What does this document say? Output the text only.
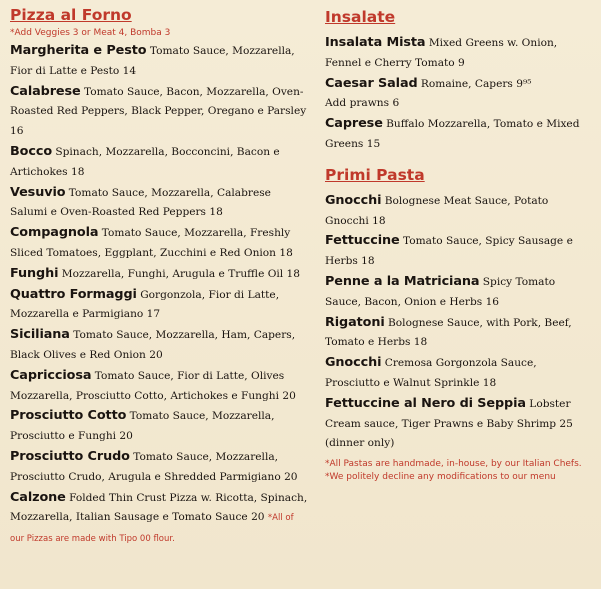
Pizza al Forno

*Add Veggies 3 or Meat 4, Bomba 3

Margherita e Pesto Tomato Sauce, Mozzarella, Fior di Latte e Pesto 14

Calabrese Tomato Sauce, Bacon, Mozzarella, Oven-Roasted Red Peppers, Black Pepper, Oregano e Parsley 16

Bocco Spinach, Mozzarella, Bocconcini, Bacon e Artichokes 18

Vesuvio Tomato Sauce, Mozzarella, Calabrese Salumi e Oven-Roasted Red Peppers 18

Compagnola Tomato Sauce, Mozzarella, Freshly Sliced Tomatoes, Eggplant, Zucchini e Red Onion 18

Funghi Mozzarella, Funghi, Arugula e Truffle Oil 18

Quattro Formaggi Gorgonzola, Fior di Latte, Mozzarella e Parmigiano 17

Siciliana Tomato Sauce, Mozzarella, Ham, Capers, Black Olives e Red Onion 20

Capricciosa Tomato Sauce, Fior di Latte, Olives Mozzarella, Prosciutto Cotto, Artichokes e Funghi 20

Prosciutto Cotto Tomato Sauce, Mozzarella, Prosciutto e Funghi 20

Prosciutto Crudo Tomato Sauce, Mozzarella, Prosciutto Crudo, Arugula e Shredded Parmigiano 20

Calzone Folded Thin Crust Pizza w. Ricotta, Spinach, Mozzarella, Italian Sausage e Tomato Sauce 20 *All of our Pizzas are made with Tipo 00 flour.

Insalate

Insalata Mista Mixed Greens w. Onion, Fennel e Cherry Tomato 9

Caesar Salad Romaine, Capers 9⁹⁵

Add prawns 6

Caprese Buffalo Mozzarella, Tomato e Mixed Greens 15

Primi Pasta

Gnocchi Bolognese Meat Sauce, Potato Gnocchi 18

Fettuccine Tomato Sauce, Spicy Sausage e Herbs 18

Penne a la Matriciana Spicy Tomato Sauce, Bacon, Onion e Herbs 16

Rigatoni Bolognese Sauce, with Pork, Beef, Tomato e Herbs 18

Gnocchi Cremosa Gorgonzola Sauce, Prosciutto e Walnut Sprinkle 18

Fettuccine al Nero di Seppia Lobster Cream sauce, Tiger Prawns e Baby Shrimp 25 (dinner only)

*All Pastas are handmade, in-house, by our Italian Chefs.

*We politely decline any modifications to our menu
